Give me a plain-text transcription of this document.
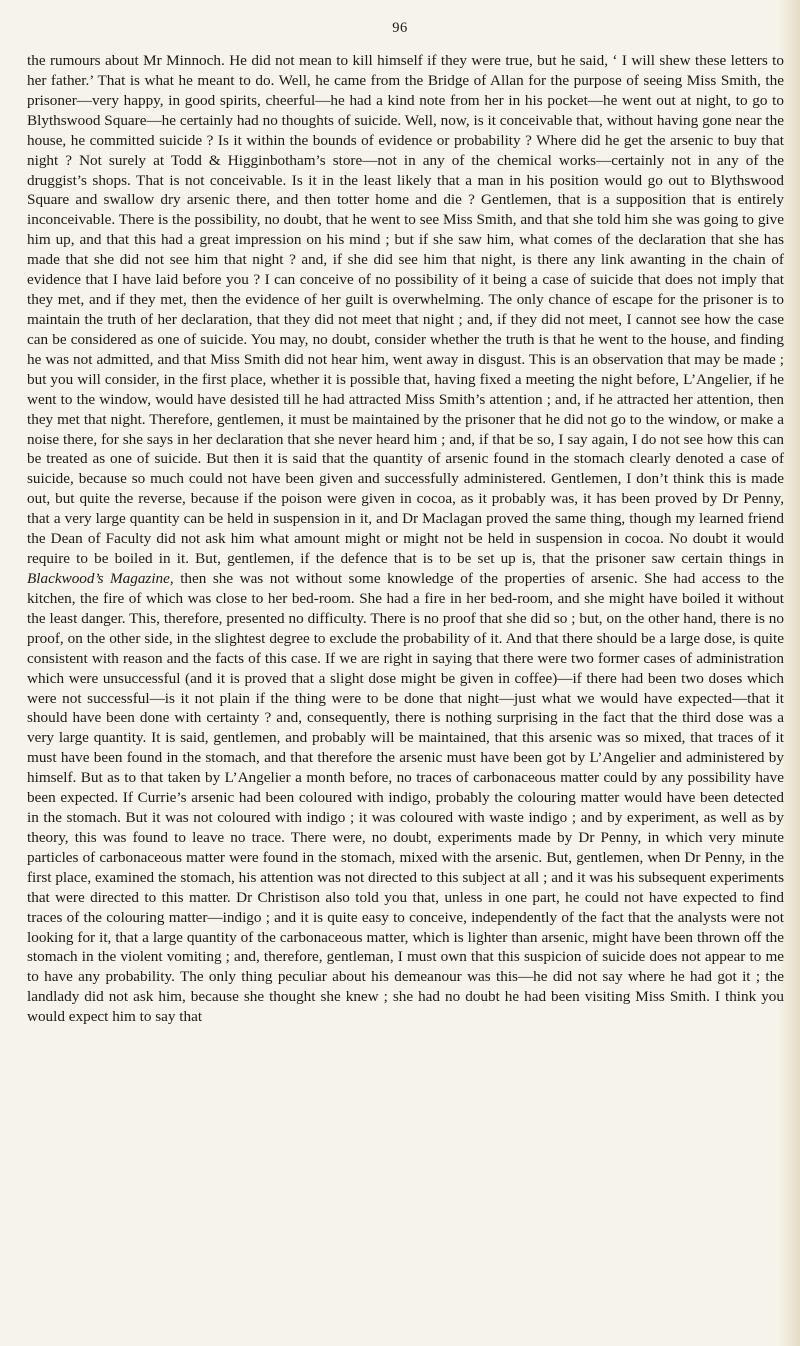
96

the rumours about Mr Minnoch. He did not mean to kill himself if they were true, but he said, ‘ I will shew these letters to her father.’ That is what he meant to do. Well, he came from the Bridge of Allan for the purpose of seeing Miss Smith, the prisoner—very happy, in good spirits, cheerful—he had a kind note from her in his pocket—he went out at night, to go to Blythswood Square—he certainly had no thoughts of suicide. Well, now, is it conceivable that, without having gone near the house, he committed suicide ? Is it within the bounds of evidence or probability ? Where did he get the arsenic to buy that night ? Not surely at Todd & Higginbotham’s store—not in any of the chemical works—certainly not in any of the druggist’s shops. That is not conceivable. Is it in the least likely that a man in his position would go out to Blythswood Square and swallow dry arsenic there, and then totter home and die ? Gentlemen, that is a supposition that is entirely inconceivable. There is the possibility, no doubt, that he went to see Miss Smith, and that she told him she was going to give him up, and that this had a great impression on his mind ; but if she saw him, what comes of the declaration that she has made that she did not see him that night ? and, if she did see him that night, is there any link awanting in the chain of evidence that I have laid before you ? I can conceive of no possibility of it being a case of suicide that does not imply that they met, and if they met, then the evidence of her guilt is overwhelming. The only chance of escape for the prisoner is to maintain the truth of her declaration, that they did not meet that night ; and, if they did not meet, I cannot see how the case can be considered as one of suicide. You may, no doubt, consider whether the truth is that he went to the house, and finding he was not admitted, and that Miss Smith did not hear him, went away in disgust. This is an observation that may be made ; but you will consider, in the first place, whether it is possible that, having fixed a meeting the night before, L’Angelier, if he went to the window, would have desisted till he had attracted Miss Smith’s attention ; and, if he attracted her attention, then they met that night. Therefore, gentlemen, it must be maintained by the prisoner that he did not go to the window, or make a noise there, for she says in her declaration that she never heard him ; and, if that be so, I say again, I do not see how this can be treated as one of suicide. But then it is said that the quantity of arsenic found in the stomach clearly denoted a case of suicide, because so much could not have been given and successfully administered. Gentlemen, I don’t think this is made out, but quite the reverse, because if the poison were given in cocoa, as it probably was, it has been proved by Dr Penny, that a very large quantity can be held in suspension in it, and Dr Maclagan proved the same thing, though my learned friend the Dean of Faculty did not ask him what amount might or might not be held in suspension in cocoa. No doubt it would require to be boiled in it. But, gentlemen, if the defence that is to be set up is, that the prisoner saw certain things in Blackwood’s Magazine, then she was not without some knowledge of the properties of arsenic. She had access to the kitchen, the fire of which was close to her bed-room. She had a fire in her bed-room, and she might have boiled it without the least danger. This, therefore, presented no difficulty. There is no proof that she did so ; but, on the other hand, there is no proof, on the other side, in the slightest degree to exclude the probability of it. And that there should be a large dose, is quite consistent with reason and the facts of this case. If we are right in saying that there were two former cases of administration which were unsuccessful (and it is proved that a slight dose might be given in coffee)—if there had been two doses which were not successful—is it not plain if the thing were to be done that night—just what we would have expected—that it should have been done with certainty ? and, consequently, there is nothing surprising in the fact that the third dose was a very large quantity. It is said, gentlemen, and probably will be maintained, that this arsenic was so mixed, that traces of it must have been found in the stomach, and that therefore the arsenic must have been got by L’Angelier and administered by himself. But as to that taken by L’Angelier a month before, no traces of carbonaceous matter could by any possibility have been expected. If Currie’s arsenic had been coloured with indigo, probably the colouring matter would have been detected in the stomach. But it was not coloured with indigo ; it was coloured with waste indigo ; and by experiment, as well as by theory, this was found to leave no trace. There were, no doubt, experiments made by Dr Penny, in which very minute particles of carbonaceous matter were found in the stomach, mixed with the arsenic. But, gentlemen, when Dr Penny, in the first place, examined the stomach, his attention was not directed to this subject at all ; and it was his subsequent experiments that were directed to this matter. Dr Christison also told you that, unless in one part, he could not have expected to find traces of the colouring matter—indigo ; and it is quite easy to conceive, independently of the fact that the analysts were not looking for it, that a large quantity of the carbonaceous matter, which is lighter than arsenic, might have been thrown off the stomach in the violent vomiting ; and, therefore, gentleman, I must own that this suspicion of suicide does not appear to me to have any probability. The only thing peculiar about his demeanour was this—he did not say where he had got it ; the landlady did not ask him, because she thought she knew ; she had no doubt he had been visiting Miss Smith. I think you would expect him to say that
